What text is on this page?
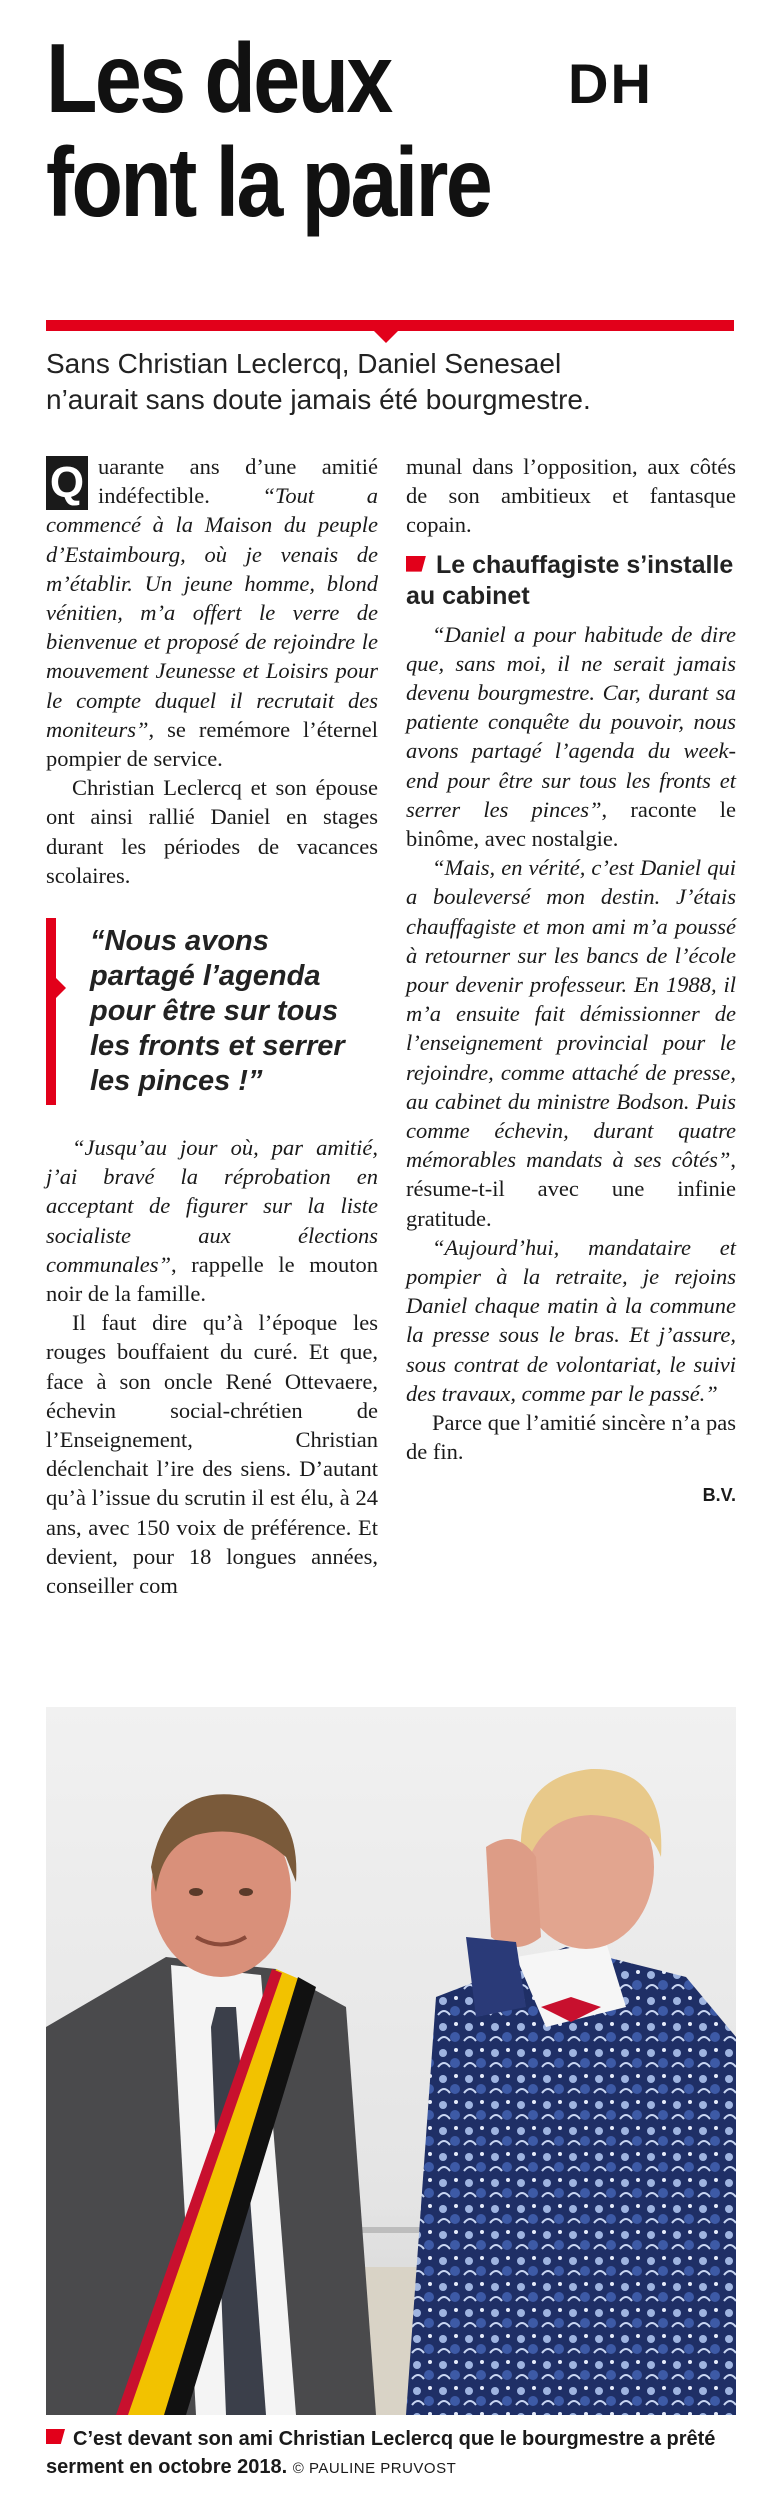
Les deux
font la paire
DH
Sans Christian Leclercq, Daniel Senesael
n’aurait sans doute jamais été bourgmestre.

Q uarante ans d’une amitié indéfectible. “Tout a commencé à la Maison du peuple d’Estaimbourg, où je venais de m’établir. Un jeune homme, blond vénitien, m’a offert le verre de bienvenue et proposé de rejoindre le mouvement Jeunesse et Loisirs pour le compte duquel il recrutait des moniteurs”, se remémore l’éternel pompier de service.

Christian Leclercq et son épouse ont ainsi rallié Daniel en stages durant les périodes de vacances scolaires.

“Nous avons partagé l’agenda pour être sur tous les fronts et serrer les pinces !”

“Jusqu’au jour où, par amitié, j’ai bravé la réprobation en acceptant de figurer sur la liste socialiste aux élections communales”, rappelle le mouton noir de la famille.

Il faut dire qu’à l’époque les rouges bouffaient du curé. Et que, face à son oncle René Ottevaere, échevin social-chrétien de l’Enseignement, Christian déclenchait l’ire des siens. D’autant qu’à l’issue du scrutin il est élu, à 24 ans, avec 150 voix de préférence. Et devient, pour 18 longues années, conseiller com

munal dans l’opposition, aux côtés de son ambitieux et fantasque copain.

Le chauffagiste s’installe au cabinet

“Daniel a pour habitude de dire que, sans moi, il ne serait jamais devenu bourgmestre. Car, durant sa patiente conquête du pouvoir, nous avons partagé l’agenda du week-end pour être sur tous les fronts et serrer les pinces”, raconte le binôme, avec nostalgie.

“Mais, en vérité, c’est Daniel qui a bouleversé mon destin. J’étais chauffagiste et mon ami m’a poussé à retourner sur les bancs de l’école pour devenir professeur. En 1988, il m’a ensuite fait démissionner de l’enseignement provincial pour le rejoindre, comme attaché de presse, au cabinet du ministre Bodson. Puis comme échevin, durant quatre mémorables mandats à ses côtés”, résume-t-il avec une infinie gratitude.

“Aujourd’hui, mandataire et pompier à la retraite, je rejoins Daniel chaque matin à la commune la presse sous le bras. Et j’assure, sous contrat de volontariat, le suivi des travaux, comme par le passé.”

Parce que l’amitié sincère n’a pas de fin.

B.V.

C’est devant son ami Christian Leclercq que le bourgmestre a prêté serment en octobre 2018. © PAULINE PRUVOST
